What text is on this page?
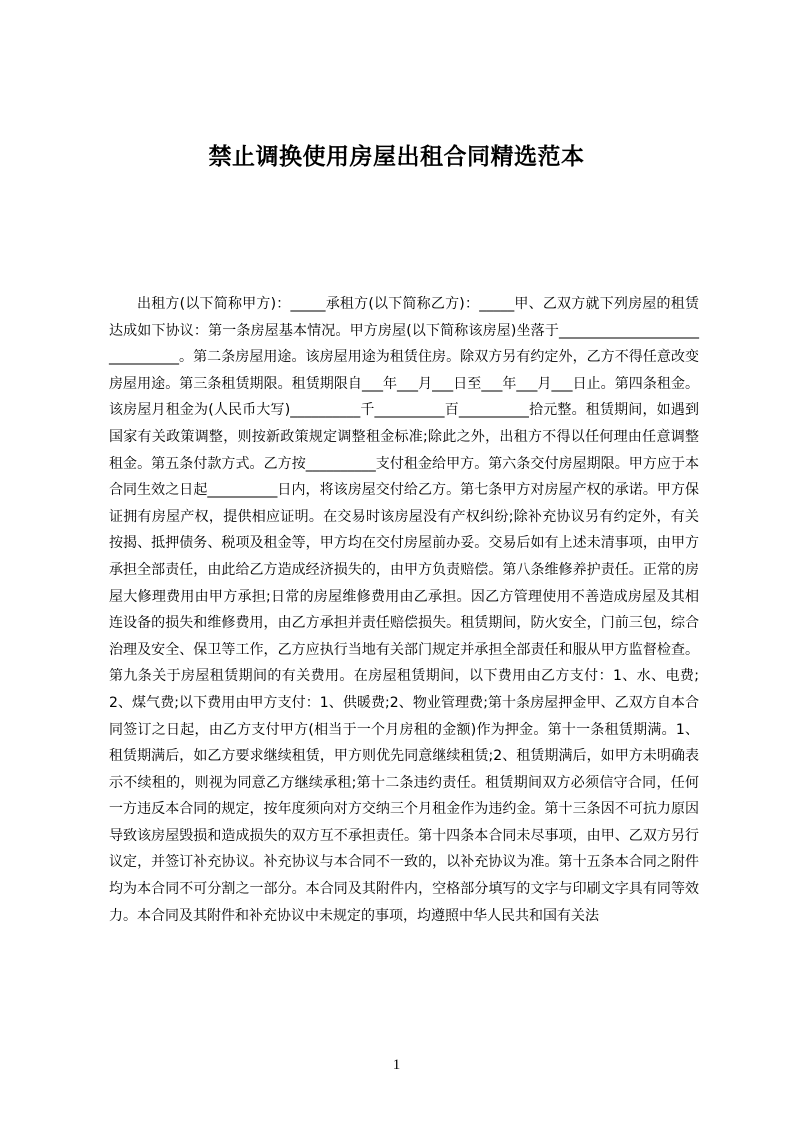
禁止调换使用房屋出租合同精选范本

出租方(以下简称甲方)：_____承租方(以下简称乙方)：_____甲、乙双方就下列房屋的租赁达成如下协议：第一条房屋基本情况。甲方房屋(以下简称该房屋)坐落于______________________________。第二条房屋用途。该房屋用途为租赁住房。除双方另有约定外，乙方不得任意改变房屋用途。第三条租赁期限。租赁期限自___年___月___日至___年___月___日止。第四条租金。该房屋月租金为(人民币大写)__________千__________百__________拾元整。租赁期间，如遇到国家有关政策调整，则按新政策规定调整租金标准;除此之外，出租方不得以任何理由任意调整租金。第五条付款方式。乙方按__________支付租金给甲方。第六条交付房屋期限。甲方应于本合同生效之日起__________日内，将该房屋交付给乙方。第七条甲方对房屋产权的承诺。甲方保证拥有房屋产权，提供相应证明。在交易时该房屋没有产权纠纷;除补充协议另有约定外，有关按揭、抵押债务、税项及租金等，甲方均在交付房屋前办妥。交易后如有上述未清事项，由甲方承担全部责任，由此给乙方造成经济损失的，由甲方负责赔偿。第八条维修养护责任。正常的房屋大修理费用由甲方承担;日常的房屋维修费用由乙承担。因乙方管理使用不善造成房屋及其相连设备的损失和维修费用，由乙方承担并责任赔偿损失。租赁期间，防火安全，门前三包，综合治理及安全、保卫等工作，乙方应执行当地有关部门规定并承担全部责任和服从甲方监督检查。第九条关于房屋租赁期间的有关费用。在房屋租赁期间，以下费用由乙方支付：1、水、电费;2、煤气费;以下费用由甲方支付：1、供暖费;2、物业管理费;第十条房屋押金甲、乙双方自本合同签订之日起，由乙方支付甲方(相当于一个月房租的金额)作为押金。第十一条租赁期满。1、租赁期满后，如乙方要求继续租赁，甲方则优先同意继续租赁;2、租赁期满后，如甲方未明确表示不续租的，则视为同意乙方继续承租;第十二条违约责任。租赁期间双方必须信守合同，任何一方违反本合同的规定，按年度须向对方交纳三个月租金作为违约金。第十三条因不可抗力原因导致该房屋毁损和造成损失的双方互不承担责任。第十四条本合同未尽事项，由甲、乙双方另行议定，并签订补充协议。补充协议与本合同不一致的，以补充协议为准。第十五条本合同之附件均为本合同不可分割之一部分。本合同及其附件内，空格部分填写的文字与印刷文字具有同等效力。本合同及其附件和补充协议中未规定的事项，均遵照中华人民共和国有关法

1
